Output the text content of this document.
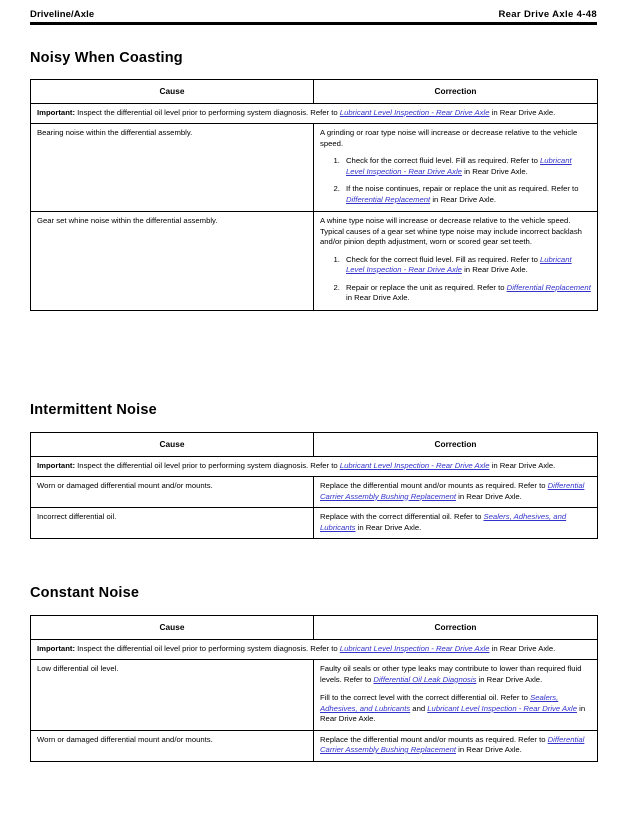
Driveline/Axle	Rear Drive Axle 4-48
Noisy When Coasting
Cause	Correction
Important: Inspect the differential oil level prior to performing system diagnosis. Refer to Lubricant Level Inspection - Rear Drive Axle in Rear Drive Axle.	
Bearing noise within the differential assembly.	A grinding or roar type noise will increase or decrease relative to the vehicle speed.

1. Check for the correct fluid level. Fill as required. Refer to Lubricant Level Inspection - Rear Drive Axle in Rear Drive Axle.
2. If the noise continues, repair or replace the unit as required. Refer to Differential Replacement in Rear Drive Axle.

Gear set whine noise within the differential assembly.	A whine type noise will increase or decrease relative to the vehicle speed. Typical causes of a gear set whine type noise may include incorrect backlash and/or pinion depth adjustment, worn or scored gear set teeth.

1. Check for the correct fluid level. Fill as required. Refer to Lubricant Level Inspection - Rear Drive Axle in Rear Drive Axle.
2. Repair or replace the unit as required. Refer to Differential Replacement in Rear Drive Axle.
Intermittent Noise
Cause	Correction
Important: Inspect the differential oil level prior to performing system diagnosis. Refer to Lubricant Level Inspection - Rear Drive Axle in Rear Drive Axle.	
Worn or damaged differential mount and/or mounts.	Replace the differential mount and/or mounts as required. Refer to Differential Carrier Assembly Bushing Replacement in Rear Drive Axle.

Incorrect differential oil.	Replace with the correct differential oil. Refer to Sealers, Adhesives, and Lubricants in Rear Drive Axle.

Constant Noise
Cause	Correction
Important: Inspect the differential oil level prior to performing system diagnosis. Refer to Lubricant Level Inspection - Rear Drive Axle in Rear Drive Axle.	
Low differential oil level.	Faulty oil seals or other type leaks may contribute to lower than required fluid levels. Refer to Differential Oil Leak Diagnosis in Rear Drive Axle.

Fill to the correct level with the correct differential oil. Refer to Sealers, Adhesives, and Lubricants and Lubricant Level Inspection - Rear Drive Axle in Rear Drive Axle.

Worn or damaged differential mount and/or mounts.	Replace the differential mount and/or mounts as required. Refer to Differential Carrier Assembly Bushing Replacement in Rear Drive Axle.
